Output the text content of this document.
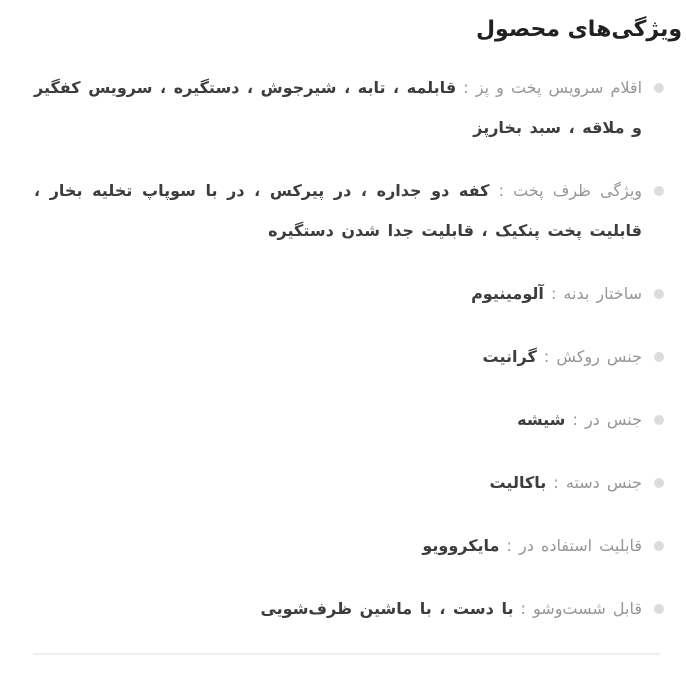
ویژگی‌های محصول

اقلام سرویس پخت و پز : قابلمه ، تابه ، شیرجوش ، دستگیره ، سرویس کفگیر و ملاقه ، سبد بخارپز

ویژگی ظرف پخت : کفه دو جداره ، در پیرکس ، در با سوپاپ تخلیه بخار ، قابلیت پخت پنکیک ، قابلیت جدا شدن دستگیره

ساختار بدنه : آلومینیوم

جنس روکش : گرانیت

جنس در : شیشه

جنس دسته : باکالیت

قابلیت استفاده در : مایکروویو

قابل شست‌وشو : با دست ، با ماشین ظرف‌شویی
